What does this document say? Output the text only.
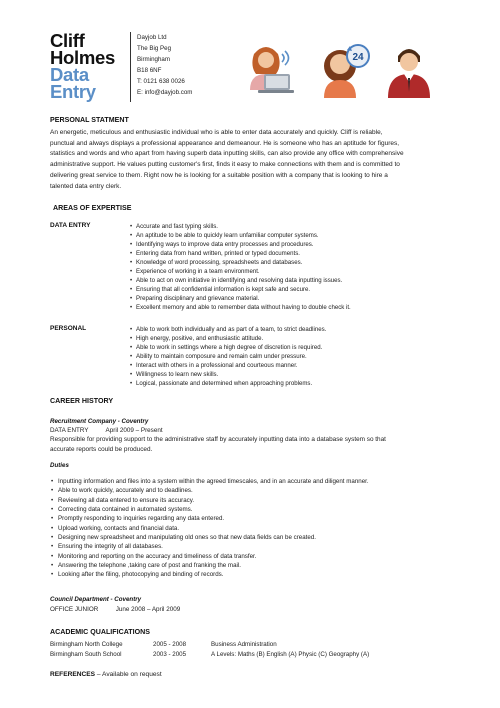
Cliff
Holmes
Data
Entry
Dayjob Ltd
The Big Peg
Birmingham
B18 6NF
T: 0121 638 0026
E: info@dayjob.com
24
PERSONAL STATMENT
An energetic, meticulous and enthusiastic individual who is able to enter data accurately and quickly. Cliff is reliable,
punctual and always displays a professional appearance and demeanour. He is someone who has an aptitude for figures,
statistics and words and who apart from having superb data inputting skills, can also provide any office with comprehensive
administrative support. He values putting customer's first, finds it easy to make connections with them and is committed to
delivering great service to them. Right now he is looking for a suitable position with a company that is looking to hire a
talented data entry clerk.
AREAS OF EXPERTISE
DATA ENTRY	• Accurate and fast typing skills.
• An aptitude to be able to quickly learn unfamiliar computer systems.
• Identifying ways to improve data entry processes and procedures.
• Entering data from hand written, printed or typed documents.
• Knowledge of word processing, spreadsheets and databases.
• Experience of working in a team environment.
• Able to act on own initiative in identifying and resolving data inputting issues.
• Ensuring that all confidential information is kept safe and secure.
• Preparing disciplinary and grievance material.
• Excellent memory and able to remember data without having to double check it.
PERSONAL	• Able to work both individually and as part of a team, to strict deadlines.
• High energy, positive, and enthusiastic attitude.
• Able to work in settings where a high degree of discretion is required.
• Ability to maintain composure and remain calm under pressure.
• Interact with others in a professional and courteous manner.
• Willingness to learn new skills.
• Logical, passionate and determined when approaching problems.
CAREER HISTORY
Recruitment Company - Coventry
DATA ENTRY	April 2009 – Present
Responsible for providing support to the administrative staff by accurately inputting data into a database system so that
accurate reports could be produced.
Duties
• Inputting information and files into a system within the agreed timescales, and in an accurate and diligent manner.
• Able to work quickly, accurately and to deadlines.
• Reviewing all data entered to ensure its accuracy.
• Correcting data contained in automated systems.
• Promptly responding to inquiries regarding any data entered.
• Upload working, contacts and financial data.
• Designing new spreadsheet and manipulating old ones so that new data fields can be created.
• Ensuring the integrity of all databases.
• Monitoring and reporting on the accuracy and timeliness of data transfer.
• Answering the telephone ,taking care of post and franking the mail.
• Looking after the filing, photocopying and binding of records.
Council Department - Coventry
OFFICE JUNIOR	June 2008 – April 2009
ACADEMIC QUALIFICATIONS
Birmingham North College	2005 - 2008	Business Administration
Birmingham South School	2003 - 2005	A Levels: Maths (B) English (A) Physic (C) Geography (A)
REFERENCES – Available on request
